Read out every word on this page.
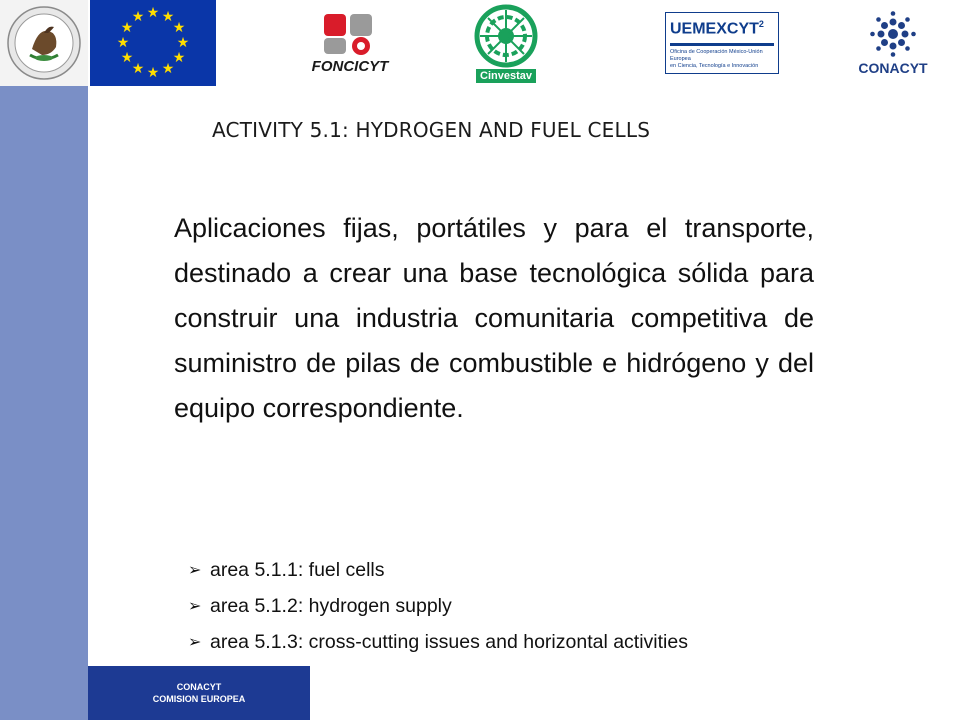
★ ★
★
★
★
★
★
★
★
★
★
★
FONCICYT
Cinvestav
UEMEXCYT$^2$
Oficina de Cooperación México-Unión Europea
en Ciencia, Tecnología e Innovación	CONACYT
CONACYT
COMISION EUROPEA
ACTIVITY 5.1: HYDROGEN AND FUEL CELLS

Aplicaciones fijas, portátiles y para el transporte, destinado a crear una base tecnológica sólida para construir una industria comunitaria competitiva de suministro de pilas de combustible e hidrógeno y del equipo correspondiente.

➢ area 5.1.1: fuel cells
➢ area 5.1.2: hydrogen supply
➢ area 5.1.3: cross-cutting issues and horizontal activities
